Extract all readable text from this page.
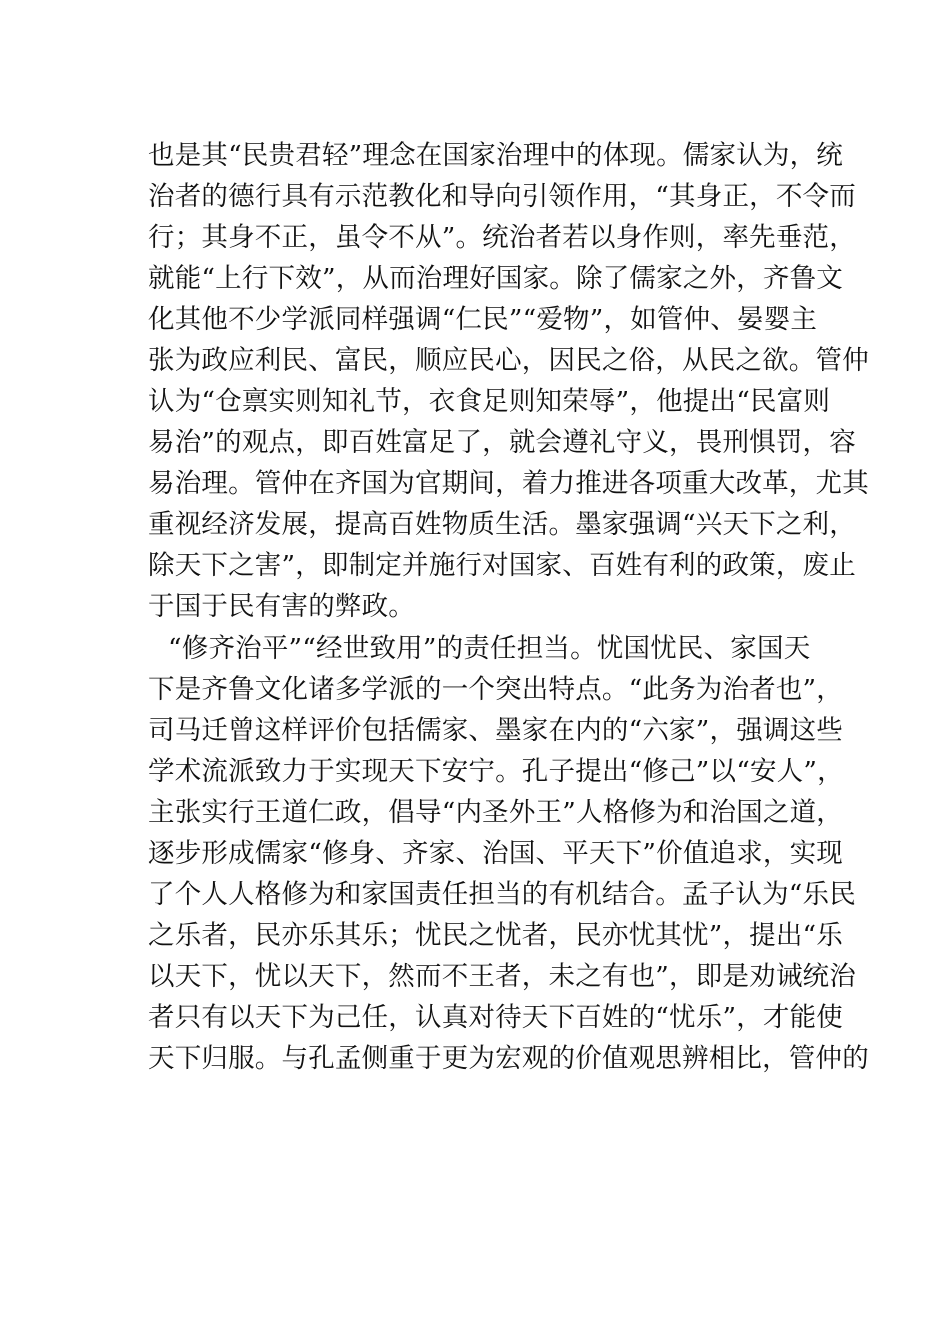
也是其“民贵君轻”理念在国家治理中的体现。儒家认为，统
治者的德行具有示范教化和导向引领作用，“其身正，不令而
行；其身不正，虽令不从”。统治者若以身作则，率先垂范，
就能“上行下效”，从而治理好国家。除了儒家之外，齐鲁文
化其他不少学派同样强调“仁民”“爱物”，如管仲、晏婴主
张为政应利民、富民，顺应民心，因民之俗，从民之欲。管仲
认为“仓禀实则知礼节，衣食足则知荣辱”，他提出“民富则
易治”的观点，即百姓富足了，就会遵礼守义，畏刑惧罚，容
易治理。管仲在齐国为官期间，着力推进各项重大改革，尤其
重视经济发展，提高百姓物质生活。墨家强调“兴天下之利，
除天下之害”，即制定并施行对国家、百姓有利的政策，废止
于国于民有害的弊政。
“修齐治平”“经世致用”的责任担当。忧国忧民、家国天
下是齐鲁文化诸多学派的一个突出特点。“此务为治者也”，
司马迁曾这样评价包括儒家、墨家在内的“六家”，强调这些
学术流派致力于实现天下安宁。孔子提出“修己”以“安人”，
主张实行王道仁政，倡导“内圣外王”人格修为和治国之道，
逐步形成儒家“修身、齐家、治国、平天下”价值追求，实现
了个人人格修为和家国责任担当的有机结合。孟子认为“乐民
之乐者，民亦乐其乐；忧民之忧者，民亦忧其忧”，提出“乐
以天下，忧以天下，然而不王者，未之有也”，即是劝诫统治
者只有以天下为己任，认真对待天下百姓的“忧乐”，才能使
天下归服。与孔孟侧重于更为宏观的价值观思辨相比，管仲的
